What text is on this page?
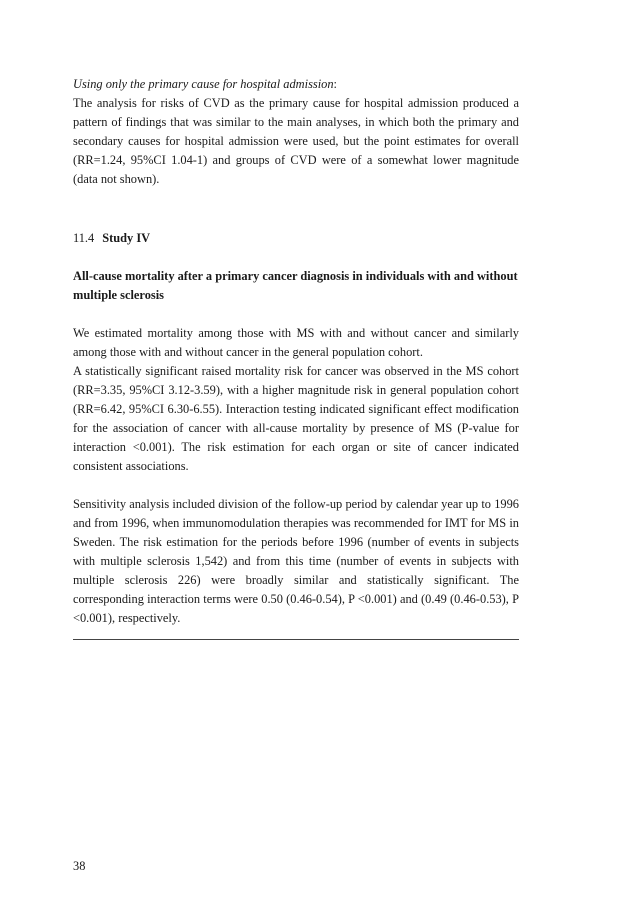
Using only the primary cause for hospital admission:

The analysis for risks of CVD as the primary cause for hospital admission produced a pattern of findings that was similar to the main analyses, in which both the primary and secondary causes for hospital admission were used, but the point estimates for overall (RR=1.24, 95%CI 1.04-1) and groups of CVD were of a somewhat lower magnitude (data not shown).

11.4 Study IV

All-cause mortality after a primary cancer diagnosis in individuals with and without multiple sclerosis

We estimated mortality among those with MS with and without cancer and similarly among those with and without cancer in the general population cohort.

A statistically significant raised mortality risk for cancer was observed in the MS cohort (RR=3.35, 95%CI 3.12-3.59), with a higher magnitude risk in general population cohort (RR=6.42, 95%CI 6.30-6.55). Interaction testing indicated significant effect modification for the association of cancer with all-cause mortality by presence of MS (P-value for interaction <0.001). The risk estimation for each organ or site of cancer indicated consistent associations.

Sensitivity analysis included division of the follow-up period by calendar year up to 1996 and from 1996, when immunomodulation therapies was recommended for IMT for MS in Sweden. The risk estimation for the periods before 1996 (number of events in subjects with multiple sclerosis 1,542) and from this time (number of events in subjects with multiple sclerosis 226) were broadly similar and statistically significant. The corresponding interaction terms were 0.50 (0.46-0.54), P <0.001) and (0.49 (0.46-0.53), P <0.001), respectively.

38
